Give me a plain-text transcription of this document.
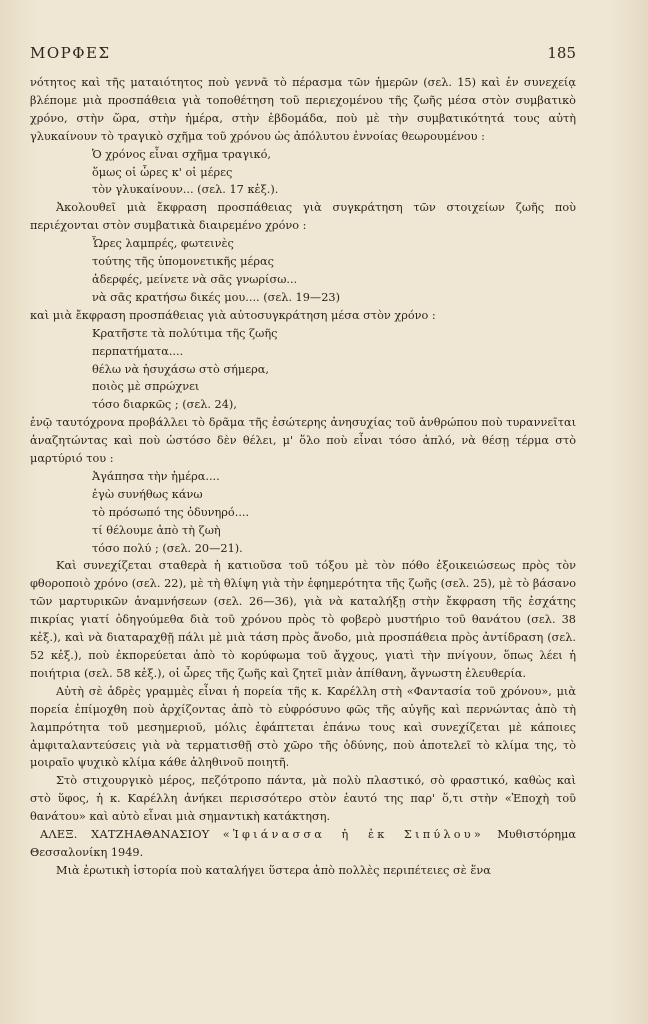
ΜΟΡΦΕΣ	185

νότητος καὶ τῆς ματαιότητος ποὺ γεννᾶ τὸ πέρασμα τῶν ἡμερῶν (σελ. 15) καὶ ἐν συνεχείᾳ βλέπομε μιὰ προσπάθεια γιὰ τοποθέτηση τοῦ περιεχομένου τῆς ζωῆς μέσα στὸν συμβατικὸ χρόνο, στὴν ὥρα, στὴν ἡμέρα, στὴν ἑβδομάδα, ποὺ μὲ τὴν συμβατικότητά τους αὐτὴ γλυκαίνουν τὸ τραγικὸ σχῆμα τοῦ χρόνου ὡς ἀπόλυτου ἐννοίας θεωρουμένου :

Ὁ χρόνος εἶναι σχῆμα τραγικό,
ὅμως οἱ ὧρες κ' οἱ μέρες
τὸν γλυκαίνουν... (σελ. 17 κἑξ.).

Ἀκολουθεῖ μιὰ ἔκφραση προσπάθειας γιὰ συγκράτηση τῶν στοιχείων ζωῆς ποὺ περιέχονται στὸν συμβατικὰ διαιρεμένο χρόνο :

Ὧρες λαμπρές, φωτεινὲς
τούτης τῆς ὑπομονετικῆς μέρας
ἀδερφές, μείνετε νὰ σᾶς γνωρίσω...
νὰ σᾶς κρατήσω δικές μου.... (σελ. 19—23)

καὶ μιὰ ἔκφραση προσπάθειας γιὰ αὐτοσυγκράτηση μέσα στὸν χρόνο :

Κρατῆστε τὰ πολύτιμα τῆς ζωῆς
περπατήματα....
θέλω νὰ ἡσυχάσω στὸ σήμερα,
ποιὸς μὲ σπρώχνει
τόσο διαρκῶς ; (σελ. 24),

ἐνῷ ταυτόχρονα προβάλλει τὸ δρᾶμα τῆς ἐσώτερης ἀνησυχίας τοῦ ἀνθρώπου ποὺ τυραννεῖται ἀναζητώντας καὶ ποὺ ὡστόσο δὲν θέλει, μ' ὅλο ποὺ εἶναι τόσο ἁπλό, νὰ θέσῃ τέρμα στὸ μαρτύριό του :

Ἀγάπησα τὴν ἡμέρα....
ἐγὼ συνήθως κάνω
τὸ πρόσωπό της ὀδυνηρό....
τί θέλουμε ἀπὸ τὴ ζωὴ
τόσο πολύ ; (σελ. 20—21).

Καὶ συνεχίζεται σταθερὰ ἡ κατιοῦσα τοῦ τόξου μὲ τὸν πόθο ἐξοικειώσεως πρὸς τὸν φθοροποιὸ χρόνο (σελ. 22), μὲ τὴ θλίψη γιὰ τὴν ἐφημερότητα τῆς ζωῆς (σελ. 25), μὲ τὸ βάσανο τῶν μαρτυρικῶν ἀναμνήσεων (σελ. 26—36), γιὰ νὰ καταλήξῃ στὴν ἔκφραση τῆς ἐσχάτης πικρίας γιατί ὁδηγούμεθα διὰ τοῦ χρόνου πρὸς τὸ φοβερὸ μυστήριο τοῦ θανάτου (σελ. 38 κἑξ.), καὶ νὰ διαταραχθῇ πάλι μὲ μιὰ τάση πρὸς ἄνοδο, μιὰ προσπάθεια πρὸς ἀντίδραση (σελ. 52 κἑξ.), ποὺ ἐκπορεύεται ἀπὸ τὸ κορύφωμα τοῦ ἄγχους, γιατὶ τὴν πνίγουν, ὅπως λέει ἡ ποιήτρια (σελ. 58 κἑξ.), οἱ ὧρες τῆς ζωῆς καὶ ζητεῖ μιὰν ἀπίθανη, ἄγνωστη ἐλευθερία.

Αὐτὴ σὲ ἁδρὲς γραμμὲς εἶναι ἡ πορεία τῆς κ. Καρέλλη στὴ «Φαντασία τοῦ χρόνου», μιὰ πορεία ἐπίμοχθη ποὺ ἀρχίζοντας ἀπὸ τὸ εὐφρόσυνο φῶς τῆς αὐγῆς καὶ περνώντας ἀπὸ τὴ λαμπρότητα τοῦ μεσημεριοῦ, μόλις ἐφάπτεται ἐπάνω τους καὶ συνεχίζεται μὲ κάποιες ἀμφιταλαντεύσεις γιὰ νὰ τερματισθῇ στὸ χῶρο τῆς ὀδύνης, ποὺ ἀποτελεῖ τὸ κλίμα της, τὸ μοιραῖο ψυχικὸ κλίμα κάθε ἀληθινοῦ ποιητῆ.

Στὸ στιχουργικὸ μέρος, πεζότροπο πάντα, μὰ πολὺ πλαστικό, σὸ φραστικό, καθὼς καὶ στὸ ὕφος, ἡ κ. Καρέλλη ἀνήκει περισσότερο στὸν ἑαυτό της παρ' ὅ,τι στὴν «Ἐποχὴ τοῦ θανάτου» καὶ αὐτὸ εἶναι μιὰ σημαντικὴ κατάκτηση.

ΑΛΕΞ. ΧΑΤΖΗΑΘΑΝΑΣΙΟΥ «Ἰφιάνασσα ἡ ἐκ Σιπύλου» Μυθιστόρημα Θεσσαλονίκη 1949.

Μιὰ ἐρωτικὴ ἱστορία ποὺ καταλήγει ὕστερα ἀπὸ πολλὲς περιπέτειες σὲ ἕνα
